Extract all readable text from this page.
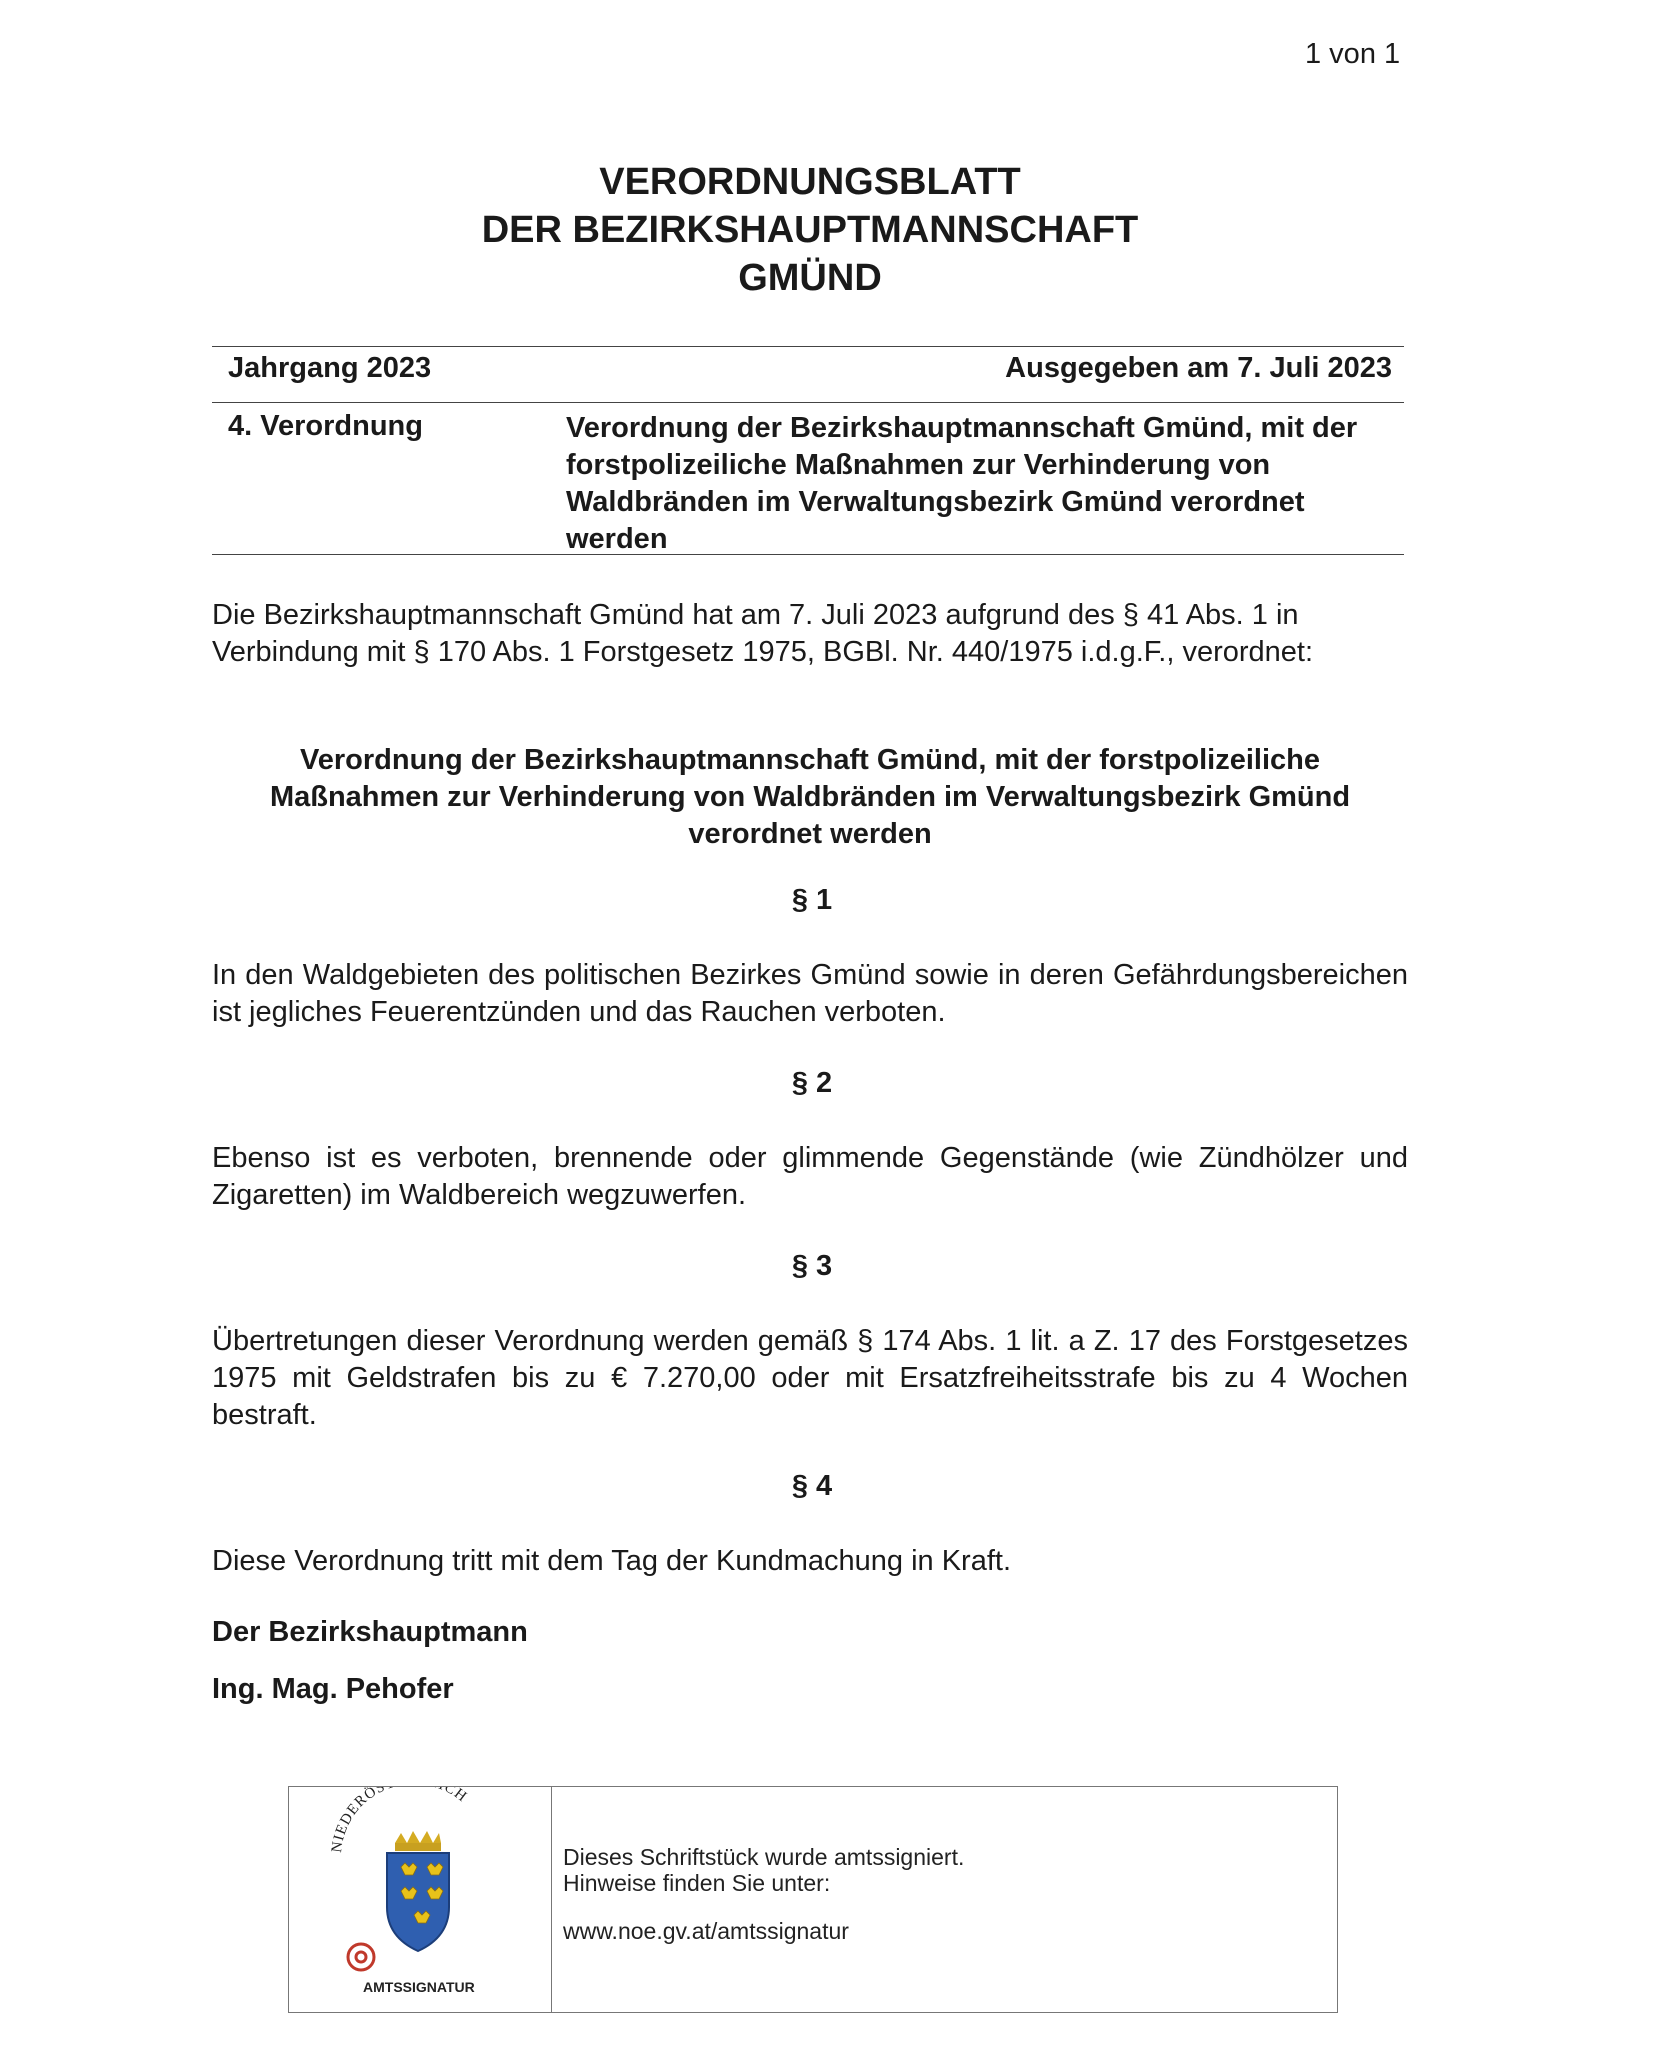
1 von 1
VERORDNUNGSBLATT
DER BEZIRKSHAUPTMANNSCHAFT
GMÜND
Jahrgang 2023	Ausgegeben am 7. Juli 2023
4. Verordnung	Verordnung der Bezirkshauptmannschaft Gmünd, mit der forstpolizeiliche Maßnahmen zur Verhinderung von Waldbränden im Verwaltungsbezirk Gmünd verordnet werden
Die Bezirkshauptmannschaft Gmünd hat am 7. Juli 2023 aufgrund des § 41 Abs. 1 in Verbindung mit § 170 Abs. 1 Forstgesetz 1975, BGBl. Nr. 440/1975 i.d.g.F., verordnet:
Verordnung der Bezirkshauptmannschaft Gmünd, mit der forstpolizeiliche Maßnahmen zur Verhinderung von Waldbränden im Verwaltungsbezirk Gmünd verordnet werden
§ 1
In den Waldgebieten des politischen Bezirkes Gmünd sowie in deren Gefährdungsbereichen ist jegliches Feuerentzünden und das Rauchen verboten.
§ 2
Ebenso ist es verboten, brennende oder glimmende Gegenstände (wie Zündhölzer und Zigaretten) im Waldbereich wegzuwerfen.
§ 3
Übertretungen dieser Verordnung werden gemäß § 174 Abs. 1 lit. a Z. 17 des Forstgesetzes 1975 mit Geldstrafen bis zu € 7.270,00 oder mit Ersatzfreiheitsstrafe bis zu 4 Wochen bestraft.
§ 4
Diese Verordnung tritt mit dem Tag der Kundmachung in Kraft.
Der Bezirkshauptmann
Ing. Mag. Pehofer
NIEDERÖS CH
AMTSSIGNATUR
Dieses Schriftstück wurde amtssigniert.
Hinweise finden Sie unter:
www.noe.gv.at/amtssignatur
